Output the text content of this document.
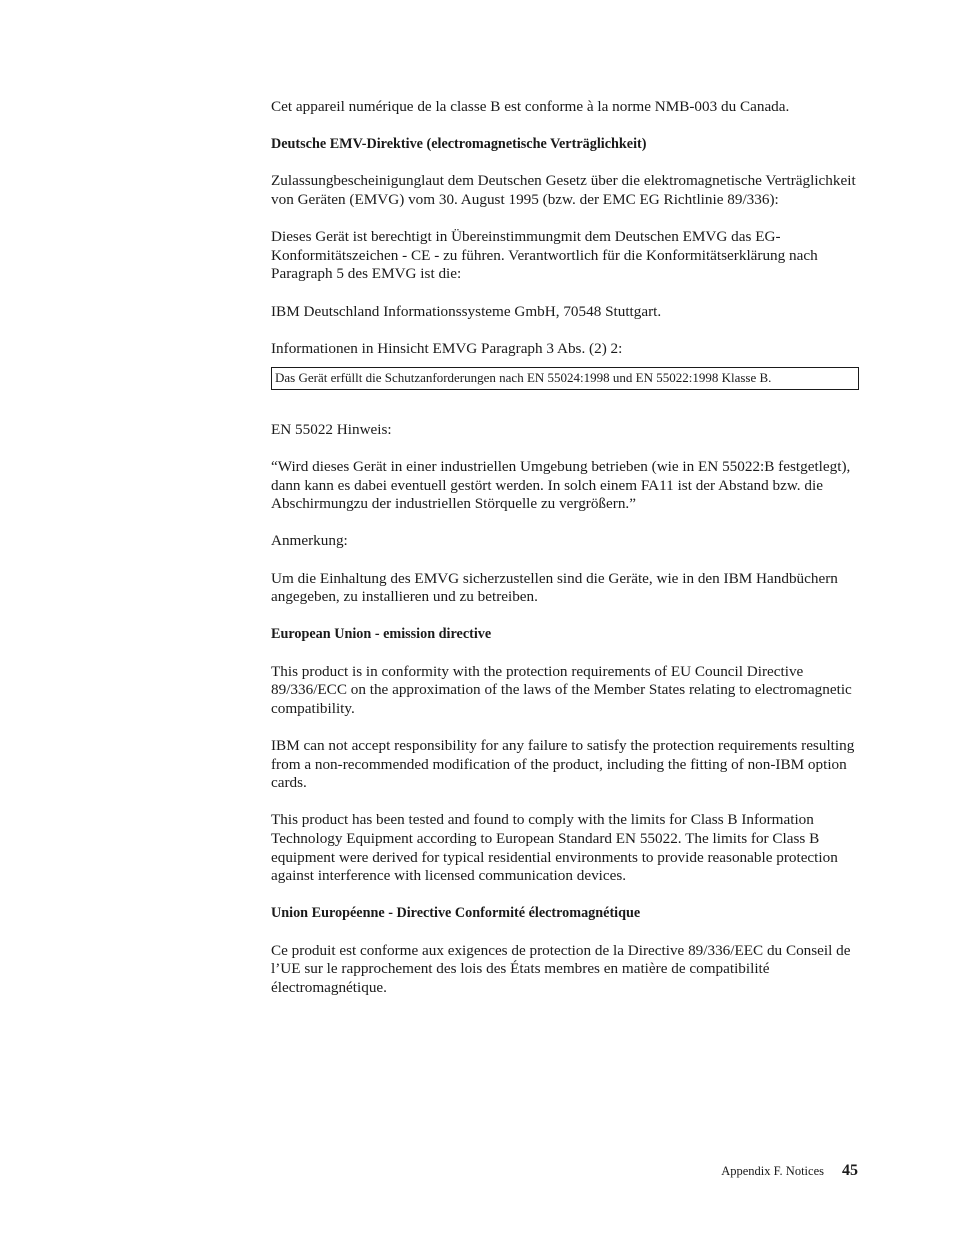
Cet appareil numérique de la classe B est conforme à la norme NMB-003 du Canada.

Deutsche EMV-Direktive (electromagnetische Verträglichkeit)

Zulassungbescheinigunglaut dem Deutschen Gesetz über die elektromagnetische Verträglichkeit von Geräten (EMVG) vom 30. August 1995 (bzw. der EMC EG Richtlinie 89/336):

Dieses Gerät ist berechtigt in Übereinstimmungmit dem Deutschen EMVG das EG-Konformitätszeichen - CE - zu führen. Verantwortlich für die Konformitätserklärung nach Paragraph 5 des EMVG ist die:

IBM Deutschland Informationssysteme GmbH, 70548 Stuttgart.

Informationen in Hinsicht EMVG Paragraph 3 Abs. (2) 2:

Das Gerät erfüllt die Schutzanforderungen nach EN 55024:1998 und EN 55022:1998 Klasse B.

EN 55022 Hinweis:

“Wird dieses Gerät in einer industriellen Umgebung betrieben (wie in EN 55022:B festgetlegt), dann kann es dabei eventuell gestört werden. In solch einem FA11 ist der Abstand bzw. die Abschirmungzu der industriellen Störquelle zu vergrößern.”

Anmerkung:

Um die Einhaltung des EMVG sicherzustellen sind die Geräte, wie in den IBM Handbüchern angegeben, zu installieren und zu betreiben.

European Union - emission directive

This product is in conformity with the protection requirements of EU Council Directive 89/336/ECC on the approximation of the laws of the Member States relating to electromagnetic compatibility.

IBM can not accept responsibility for any failure to satisfy the protection requirements resulting from a non-recommended modification of the product, including the fitting of non-IBM option cards.

This product has been tested and found to comply with the limits for Class B Information Technology Equipment according to European Standard EN 55022. The limits for Class B equipment were derived for typical residential environments to provide reasonable protection against interference with licensed communication devices.

Union Européenne - Directive Conformité électromagnétique

Ce produit est conforme aux exigences de protection de la Directive 89/336/EEC du Conseil de l’UE sur le rapprochement des lois des États membres en matière de compatibilité électromagnétique.

Appendix F. Notices 45
